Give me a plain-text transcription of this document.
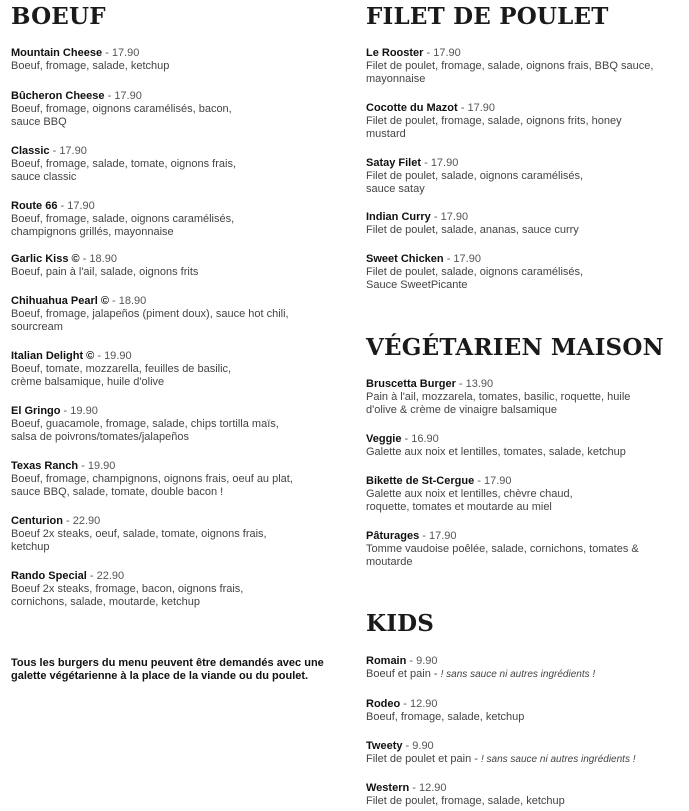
BOEUF
Mountain Cheese - 17.90
Boeuf, fromage, salade, ketchup
Bûcheron Cheese - 17.90
Boeuf, fromage, oignons caramélisés, bacon,
sauce BBQ
Classic - 17.90
Boeuf, fromage, salade, tomate, oignons frais,
sauce classic
Route 66 - 17.90
Boeuf, fromage, salade, oignons caramélisés,
champignons grillés, mayonnaise
Garlic Kiss © - 18.90
Boeuf, pain à l'ail, salade, oignons frits
Chihuahua Pearl © - 18.90
Boeuf, fromage, jalapeños (piment doux), sauce hot chili,
sourcream
Italian Delight © - 19.90
Boeuf, tomate, mozzarella, feuilles de basilic,
crème balsamique, huile d'olive
El Gringo - 19.90
Boeuf, guacamole, fromage, salade, chips tortilla maïs,
salsa de poivrons/tomates/jalapeños
Texas Ranch - 19.90
Boeuf, fromage, champignons, oignons frais, oeuf au plat,
sauce BBQ, salade, tomate, double bacon !
Centurion - 22.90
Boeuf 2x steaks, oeuf, salade, tomate, oignons frais,
ketchup
Rando Special - 22.90
Boeuf 2x steaks, fromage, bacon, oignons frais,
cornichons, salade, moutarde, ketchup
Tous les burgers du menu peuvent être demandés avec une galette végétarienne à la place de la viande ou du poulet.
FILET DE POULET
Le Rooster - 17.90
Filet de poulet, fromage, salade, oignons frais, BBQ sauce,
mayonnaise
Cocotte du Mazot - 17.90
Filet de poulet, fromage, salade, oignons frits, honey
mustard
Satay Filet - 17.90
Filet de poulet, salade, oignons caramélisés,
sauce satay
Indian Curry - 17.90
Filet de poulet, salade, ananas, sauce curry
Sweet Chicken - 17.90
Filet de poulet, salade, oignons caramélisés,
Sauce SweetPicante
VÉGÉTARIEN MAISON
Bruscetta Burger - 13.90
Pain à l'ail, mozzarela, tomates, basilic, roquette, huile
d'olive & crème de vinaigre balsamique
Veggie - 16.90
Galette aux noix et lentilles, tomates, salade, ketchup
Bikette de St-Cergue - 17.90
Galette aux noix et lentilles, chèvre chaud,
roquette, tomates et moutarde au miel
Pâturages - 17.90
Tomme vaudoise poêlée, salade, cornichons, tomates &
moutarde
KIDS
Romain - 9.90
Boeuf et pain - ! sans sauce ni autres ingrédients !
Rodeo - 12.90
Boeuf, fromage, salade, ketchup
Tweety - 9.90
Filet de poulet et pain - ! sans sauce ni autres ingrédients !
Western - 12.90
Filet de poulet, fromage, salade, ketchup
